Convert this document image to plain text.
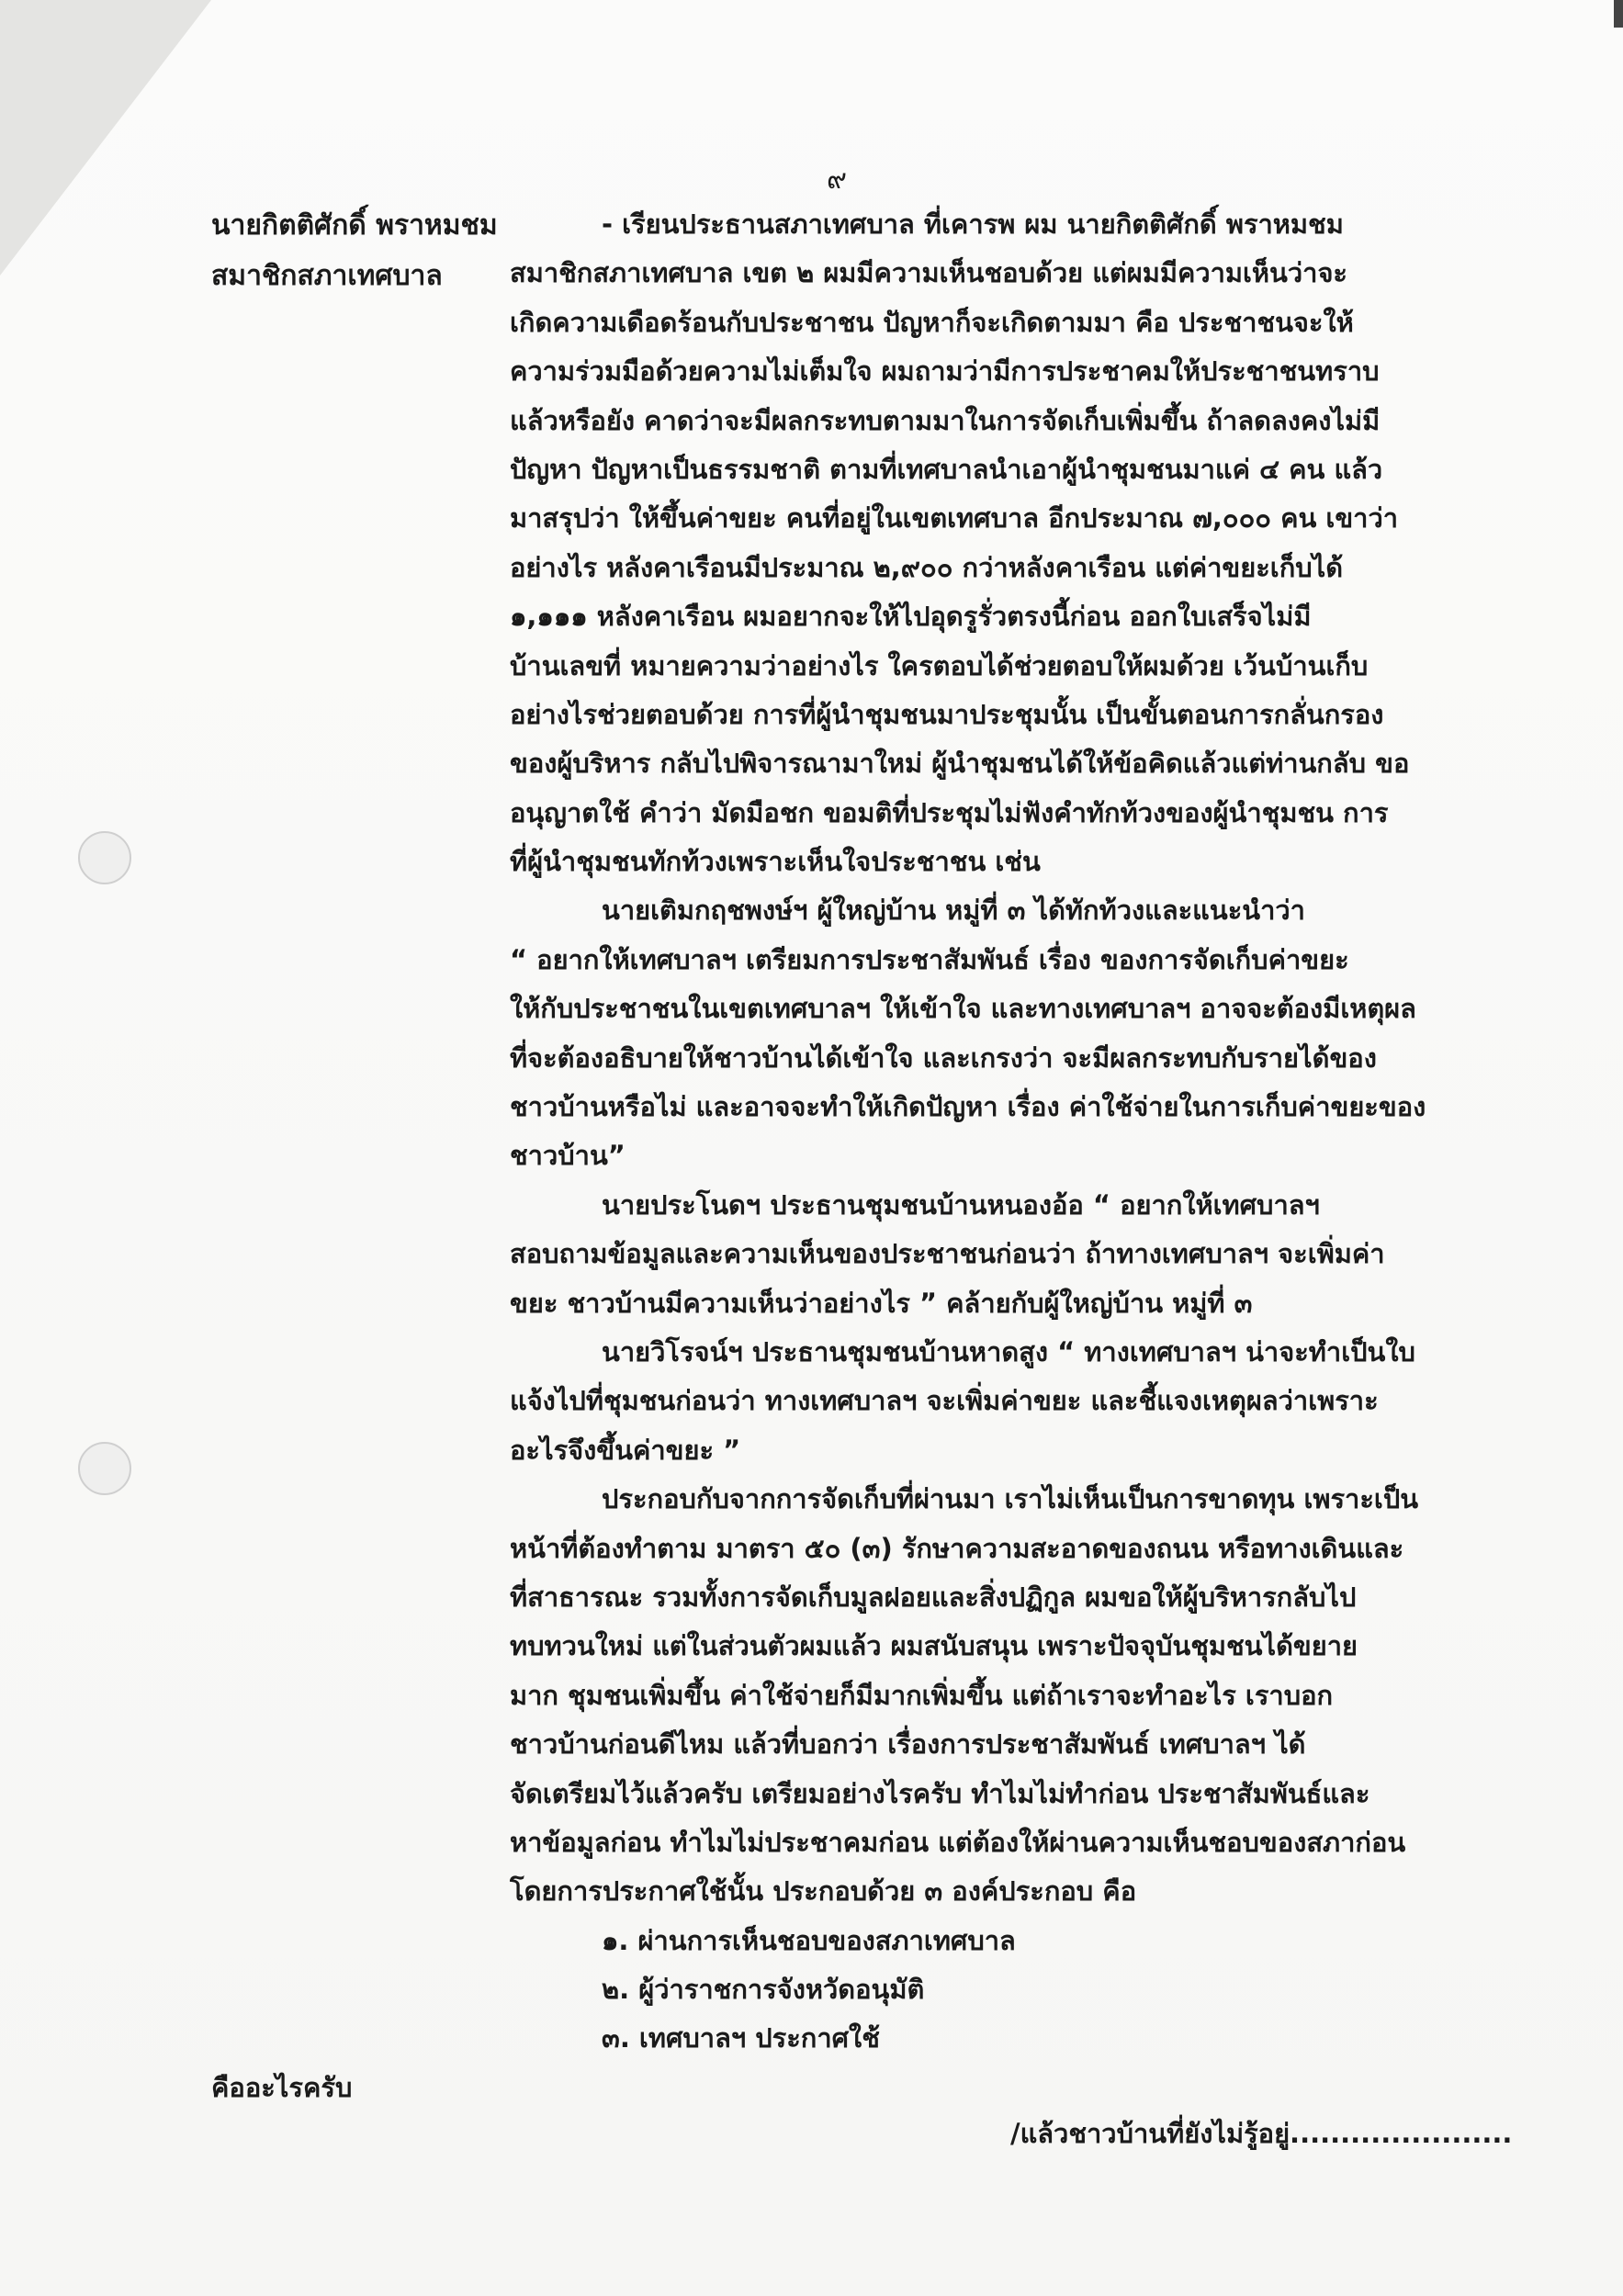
๙
นายกิตติศักดิ์ พราหมชม
สมาชิกสภาเทศบาล
- เรียนประธานสภาเทศบาล ที่เคารพ ผม นายกิตติศักดิ์ พราหมชม
สมาชิกสภาเทศบาล เขต ๒ ผมมีความเห็นชอบด้วย แต่ผมมีความเห็นว่าจะ
เกิดความเดือดร้อนกับประชาชน ปัญหาก็จะเกิดตามมา คือ ประชาชนจะให้
ความร่วมมือด้วยความไม่เต็มใจ ผมถามว่ามีการประชาคมให้ประชาชนทราบ
แล้วหรือยัง คาดว่าจะมีผลกระทบตามมาในการจัดเก็บเพิ่มขึ้น ถ้าลดลงคงไม่มี
ปัญหา ปัญหาเป็นธรรมชาติ ตามที่เทศบาลนำเอาผู้นำชุมชนมาแค่ ๔ คน แล้ว
มาสรุปว่า ให้ขึ้นค่าขยะ คนที่อยู่ในเขตเทศบาล อีกประมาณ ๗,๐๐๐ คน เขาว่า
อย่างไร หลังคาเรือนมีประมาณ ๒,๙๐๐ กว่าหลังคาเรือน แต่ค่าขยะเก็บได้
๑,๑๑๑ หลังคาเรือน ผมอยากจะให้ไปอุดรูรั่วตรงนี้ก่อน ออกใบเสร็จไม่มี
บ้านเลขที่ หมายความว่าอย่างไร ใครตอบได้ช่วยตอบให้ผมด้วย เว้นบ้านเก็บ
อย่างไรช่วยตอบด้วย การที่ผู้นำชุมชนมาประชุมนั้น เป็นขั้นตอนการกลั่นกรอง
ของผู้บริหาร กลับไปพิจารณามาใหม่ ผู้นำชุมชนได้ให้ข้อคิดแล้วแต่ท่านกลับ ขอ
อนุญาตใช้ คำว่า มัดมือชก ขอมติที่ประชุมไม่ฟังคำทักท้วงของผู้นำชุมชน การ
ที่ผู้นำชุมชนทักท้วงเพราะเห็นใจประชาชน เช่น
นายเติมกฤชพงษ์ฯ ผู้ใหญ่บ้าน หมู่ที่ ๓ ได้ทักท้วงและแนะนำว่า
“ อยากให้เทศบาลฯ เตรียมการประชาสัมพันธ์ เรื่อง ของการจัดเก็บค่าขยะ
ให้กับประชาชนในเขตเทศบาลฯ ให้เข้าใจ และทางเทศบาลฯ อาจจะต้องมีเหตุผล
ที่จะต้องอธิบายให้ชาวบ้านได้เข้าใจ และเกรงว่า จะมีผลกระทบกับรายได้ของ
ชาวบ้านหรือไม่ และอาจจะทำให้เกิดปัญหา เรื่อง ค่าใช้จ่ายในการเก็บค่าขยะของ
ชาวบ้าน”
นายประโนดฯ ประธานชุมชนบ้านหนองอ้อ “ อยากให้เทศบาลฯ
สอบถามข้อมูลและความเห็นของประชาชนก่อนว่า ถ้าทางเทศบาลฯ จะเพิ่มค่า
ขยะ ชาวบ้านมีความเห็นว่าอย่างไร ” คล้ายกับผู้ใหญ่บ้าน หมู่ที่ ๓
นายวิโรจน์ฯ ประธานชุมชนบ้านหาดสูง “ ทางเทศบาลฯ น่าจะทำเป็นใบ
แจ้งไปที่ชุมชนก่อนว่า ทางเทศบาลฯ จะเพิ่มค่าขยะ และชี้แจงเหตุผลว่าเพราะ
อะไรจึงขึ้นค่าขยะ ”
ประกอบกับจากการจัดเก็บที่ผ่านมา เราไม่เห็นเป็นการขาดทุน เพราะเป็น
หน้าที่ต้องทำตาม มาตรา ๕๐ (๓) รักษาความสะอาดของถนน หรือทางเดินและ
ที่สาธารณะ รวมทั้งการจัดเก็บมูลฝอยและสิ่งปฏิกูล ผมขอให้ผู้บริหารกลับไป
ทบทวนใหม่ แต่ในส่วนตัวผมแล้ว ผมสนับสนุน เพราะปัจจุบันชุมชนได้ขยาย
มาก ชุมชนเพิ่มขึ้น ค่าใช้จ่ายก็มีมากเพิ่มขึ้น แต่ถ้าเราจะทำอะไร เราบอก
ชาวบ้านก่อนดีไหม แล้วที่บอกว่า เรื่องการประชาสัมพันธ์ เทศบาลฯ ได้
จัดเตรียมไว้แล้วครับ เตรียมอย่างไรครับ ทำไมไม่ทำก่อน ประชาสัมพันธ์และ
หาข้อมูลก่อน ทำไมไม่ประชาคมก่อน แต่ต้องให้ผ่านความเห็นชอบของสภาก่อน
โดยการประกาศใช้นั้น ประกอบด้วย ๓ องค์ประกอบ คือ
๑. ผ่านการเห็นชอบของสภาเทศบาล
๒. ผู้ว่าราชการจังหวัดอนุมัติ
๓. เทศบาลฯ ประกาศใช้
คืออะไรครับ
/แล้วชาวบ้านที่ยังไม่รู้อยู่......................
